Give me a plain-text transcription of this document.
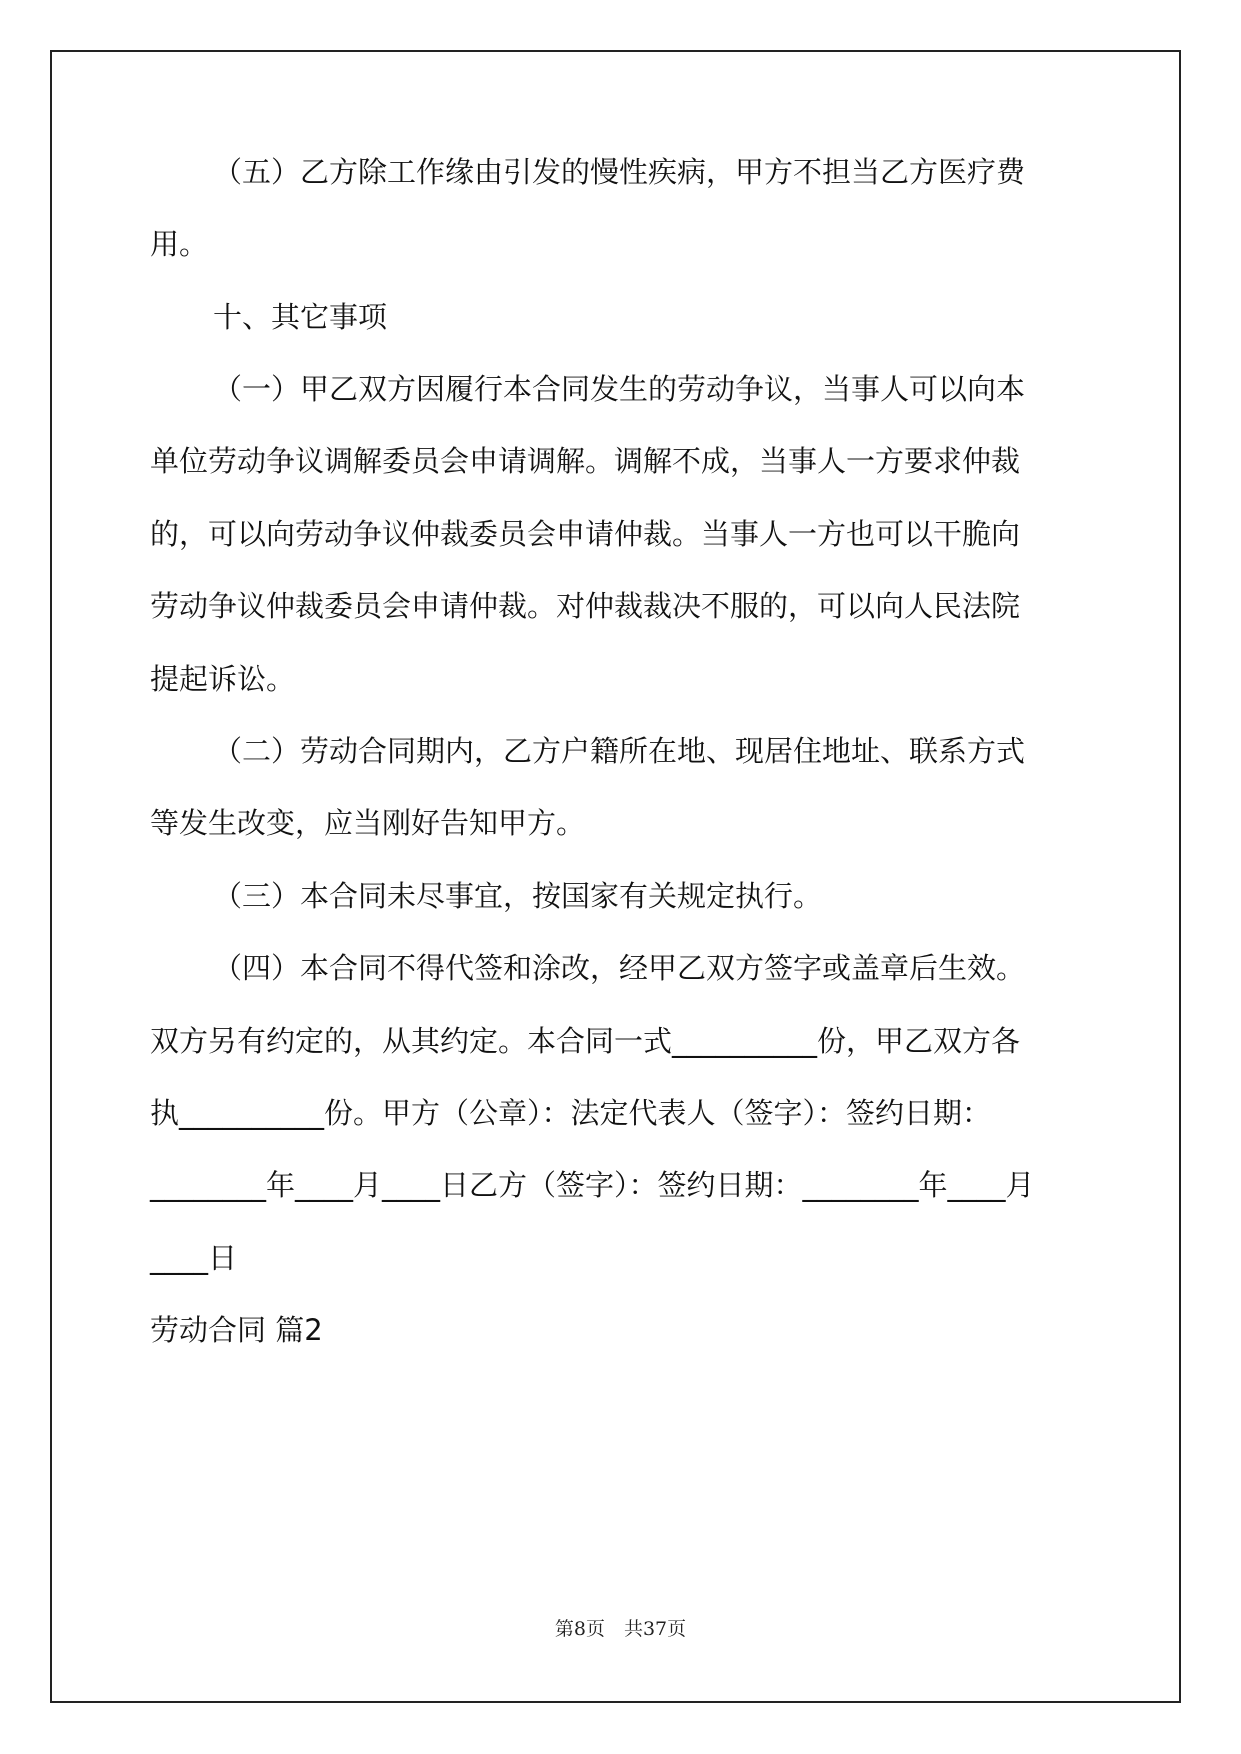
（五）乙方除工作缘由引发的慢性疾病，甲方不担当乙方医疗费
用。
十、其它事项
（一）甲乙双方因履行本合同发生的劳动争议，当事人可以向本
单位劳动争议调解委员会申请调解。调解不成，当事人一方要求仲裁
的，可以向劳动争议仲裁委员会申请仲裁。当事人一方也可以干脆向
劳动争议仲裁委员会申请仲裁。对仲裁裁决不服的，可以向人民法院
提起诉讼。
（二）劳动合同期内，乙方户籍所在地、现居住地址、联系方式
等发生改变，应当刚好告知甲方。
（三）本合同未尽事宜，按国家有关规定执行。
（四）本合同不得代签和涂改，经甲乙双方签字或盖章后生效。
双方另有约定的，从其约定。本合同一式__________份，甲乙双方各
执__________份。甲方（公章）：法定代表人（签字）：签约日期：
________年____月____日乙方（签字）：签约日期：________年____月
____日
劳动合同 篇2
第8页　共37页
